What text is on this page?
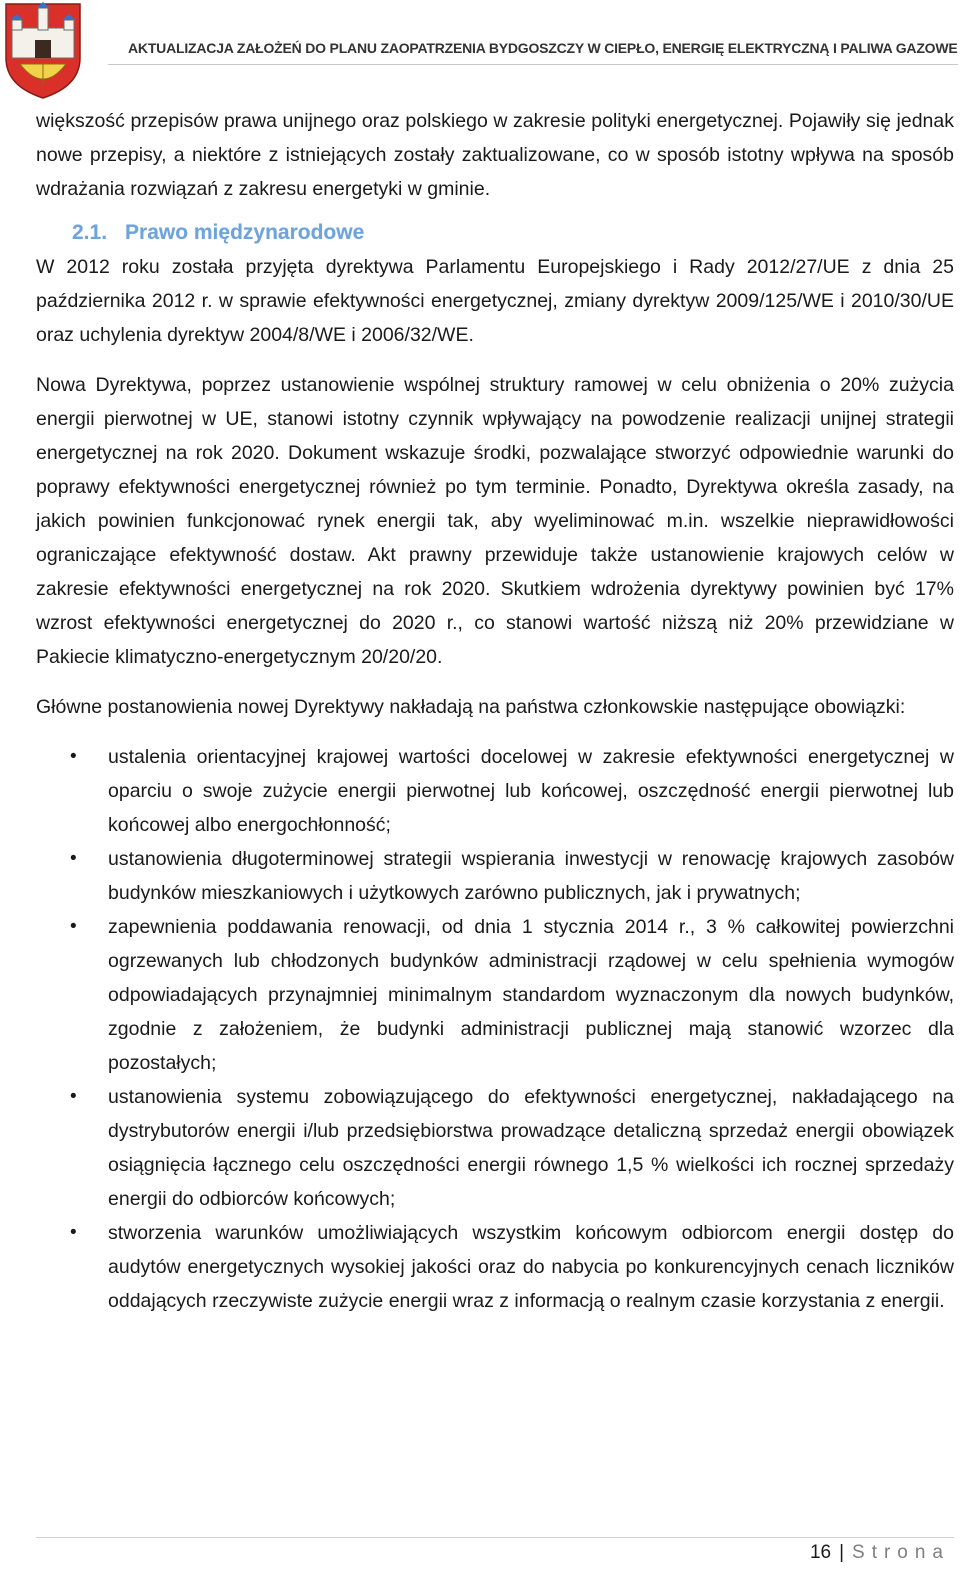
AKTUALIZACJA ZAŁOŻEŃ DO PLANU ZAOPATRZENIA BYDGOSZCZY W CIEPŁO, ENERGIĘ ELEKTRYCZNĄ I PALIWA GAZOWE

większość przepisów prawa unijnego oraz polskiego w zakresie polityki energetycznej. Pojawiły się jednak nowe przepisy, a niektóre z istniejących zostały zaktualizowane, co w sposób istotny wpływa na sposób wdrażania rozwiązań z zakresu energetyki w gminie.

2.1. Prawo międzynarodowe

W 2012 roku została przyjęta dyrektywa Parlamentu Europejskiego i Rady 2012/27/UE z dnia 25 października 2012 r. w sprawie efektywności energetycznej, zmiany dyrektyw 2009/125/WE i 2010/30/UE oraz uchylenia dyrektyw 2004/8/WE i 2006/32/WE.

Nowa Dyrektywa, poprzez ustanowienie wspólnej struktury ramowej w celu obniżenia o 20% zużycia energii pierwotnej w UE, stanowi istotny czynnik wpływający na powodzenie realizacji unijnej strategii energetycznej na rok 2020. Dokument wskazuje środki, pozwalające stworzyć odpowiednie warunki do poprawy efektywności energetycznej również po tym terminie. Ponadto, Dyrektywa określa zasady, na jakich powinien funkcjonować rynek energii tak, aby wyeliminować m.in. wszelkie nieprawidłowości ograniczające efektywność dostaw. Akt prawny przewiduje także ustanowienie krajowych celów w zakresie efektywności energetycznej na rok 2020. Skutkiem wdrożenia dyrektywy powinien być 17% wzrost efektywności energetycznej do 2020 r., co stanowi wartość niższą niż 20% przewidziane w Pakiecie klimatyczno-energetycznym 20/20/20.

Główne postanowienia nowej Dyrektywy nakładają na państwa członkowskie następujące obowiązki:

• ustalenia orientacyjnej krajowej wartości docelowej w zakresie efektywności energetycznej w oparciu o swoje zużycie energii pierwotnej lub końcowej, oszczędność energii pierwotnej lub końcowej albo energochłonność;
• ustanowienia długoterminowej strategii wspierania inwestycji w renowację krajowych zasobów budynków mieszkaniowych i użytkowych zarówno publicznych, jak i prywatnych;
• zapewnienia poddawania renowacji, od dnia 1 stycznia 2014 r., 3 % całkowitej powierzchni ogrzewanych lub chłodzonych budynków administracji rządowej w celu spełnienia wymogów odpowiadających przynajmniej minimalnym standardom wyznaczonym dla nowych budynków, zgodnie z założeniem, że budynki administracji publicznej mają stanowić wzorzec dla pozostałych;
• ustanowienia systemu zobowiązującego do efektywności energetycznej, nakładającego na dystrybutorów energii i/lub przedsiębiorstwa prowadzące detaliczną sprzedaż energii obowiązek osiągnięcia łącznego celu oszczędności energii równego 1,5 % wielkości ich rocznej sprzedaży energii do odbiorców końcowych;
• stworzenia warunków umożliwiających wszystkim końcowym odbiorcom energii dostęp do audytów energetycznych wysokiej jakości oraz do nabycia po konkurencyjnych cenach liczników oddających rzeczywiste zużycie energii wraz z informacją o realnym czasie korzystania z energii.
16 | Strona
